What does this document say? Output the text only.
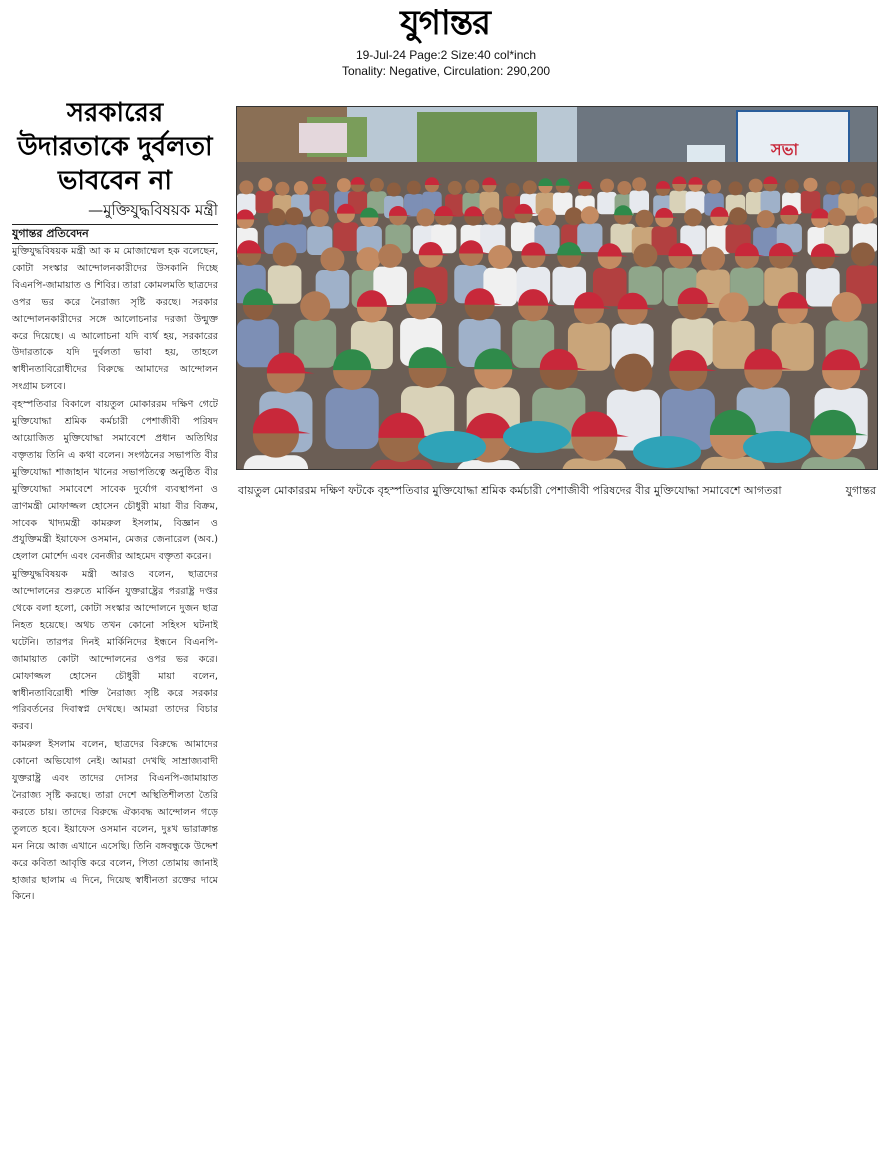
যুগান্তর
19-Jul-24 Page:2 Size:40 col*inch
Tonality: Negative, Circulation: 290,200
সরকারের
উদারতাকে দুর্বলতা
ভাববেন না
—মুক্তিযুদ্ধবিষয়ক মন্ত্রী
যুগান্তর প্রতিবেদন

মুক্তিযুদ্ধবিষয়ক মন্ত্রী আ ক ম মোজাম্মেল হক বলেছেন, কোটা সংস্কার আন্দোলনকারীদের উসকানি দিচ্ছে বিএনপি-জামায়াত ও শিবির। তারা কোমলমতি ছাত্রদের ওপর ভর করে নৈরাজ্য সৃষ্টি করছে। সরকার আন্দোলনকারীদের সঙ্গে আলোচনার দরজা উন্মুক্ত করে দিয়েছে। এ আলোচনা যদি ব্যর্থ হয়, সরকারের উদারতাকে যদি দুর্বলতা ভাবা হয়, তাহলে স্বাধীনতাবিরোধীদের বিরুদ্ধে আমাদের আন্দোলন সংগ্রাম চলবে।

বৃহস্পতিবার বিকালে বায়তুল মোকাররম দক্ষিণ গেটে মুক্তিযোদ্ধা শ্রমিক কর্মচারী পেশাজীবী পরিষদ আয়োজিত মুক্তিযোদ্ধা সমাবেশে প্রধান অতিথির বক্তৃতায় তিনি এ কথা বলেন। সংগঠনের সভাপতি বীর মুক্তিযোদ্ধা শাজাহান খানের সভাপতিত্বে অনুষ্ঠিত বীর মুক্তিযোদ্ধা সমাবেশে সাবেক দুর্যোগ ব্যবস্থাপনা ও ত্রাণমন্ত্রী মোফাজ্জল হোসেন চৌধুরী মায়া বীর বিক্রম, সাবেক খাদ্যমন্ত্রী কামরুল ইসলাম, বিজ্ঞান ও প্রযুক্তিমন্ত্রী ইয়াফেস ওসমান, মেজর জেনারেল (অব.) হেলাল মোর্শেদ এবং বেনজীর আহমেদ বক্তৃতা করেন।

মুক্তিযুদ্ধবিষয়ক মন্ত্রী আরও বলেন, ছাত্রদের আন্দোলনের শুরুতে মার্কিন যুক্তরাষ্ট্রের পররাষ্ট্র দপ্তর থেকে বলা হলো, কোটা সংস্কার আন্দোলনে দুজন ছাত্র নিহত হয়েছে। অথচ তখন কোনো সহিংস ঘটনাই ঘটেনি। তারপর দিনই মার্কিনিদের ইন্ধনে বিএনপি-জামায়াত কোটা আন্দোলনের ওপর ভর করে। মোফাজ্জল হোসেন চৌধুরী মায়া বলেন, স্বাধীনতাবিরোধী শক্তি নৈরাজ্য সৃষ্টি করে সরকার পরিবর্তনের দিবাস্বপ্ন দেখছে। আমরা তাদের বিচার করব।

কামরুল ইসলাম বলেন, ছাত্রদের বিরুদ্ধে আমাদের কোনো অভিযোগ নেই। আমরা দেখছি সাম্রাজ্যবাদী যুক্তরাষ্ট্র এবং তাদের দোসর বিএনপি-জামায়াত নৈরাজ্য সৃষ্টি করছে। তারা দেশে অস্থিতিশীলতা তৈরি করতে চায়। তাদের বিরুদ্ধে ঐক্যবদ্ধ আন্দোলন গড়ে তুলতে হবে। ইয়াফেস ওসমান বলেন, দুঃখ ভারাক্রান্ত মন নিয়ে আজ এখানে এসেছি। তিনি বঙ্গবন্ধুকে উদ্দেশ করে কবিতা আবৃত্তি করে বলেন, পিতা তোমায় জানাই হাজার ছালাম এ দিনে, দিয়েছ স্বাধীনতা রক্তের দামে কিনে।

সভা
বায়তুল মোকাররম দক্ষিণ ফটকে বৃহস্পতিবার মুক্তিযোদ্ধা শ্রমিক কর্মচারী পেশাজীবী পরিষদের বীর মুক্তিযোদ্ধা সমাবেশে আগতরা	যুগান্তর
